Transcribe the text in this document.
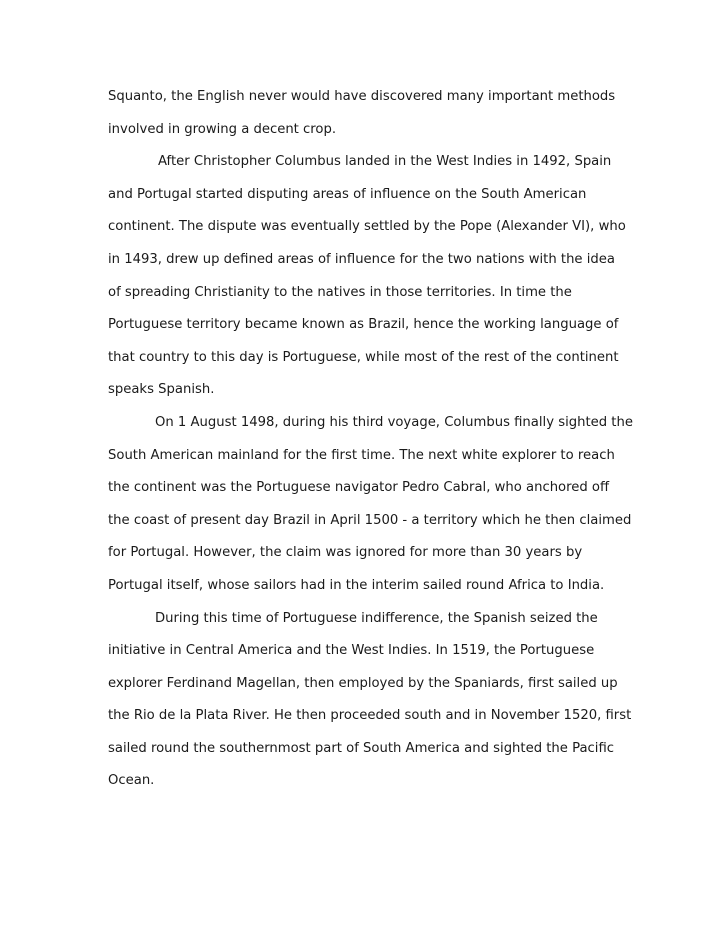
Squanto, the English never would have discovered many important methods
involved in growing a decent crop.
After Christopher Columbus landed in the West Indies in 1492, Spain
and Portugal started disputing areas of influence on the South American
continent. The dispute was eventually settled by the Pope (Alexander VI), who
in 1493, drew up defined areas of influence for the two nations with the idea
of spreading Christianity to the natives in those territories. In time the
Portuguese territory became known as Brazil, hence the working language of
that country to this day is Portuguese, while most of the rest of the continent
speaks Spanish.
On 1 August 1498, during his third voyage, Columbus finally sighted the
South American mainland for the first time. The next white explorer to reach
the continent was the Portuguese navigator Pedro Cabral, who anchored off
the coast of present day Brazil in April 1500 - a territory which he then claimed
for Portugal. However, the claim was ignored for more than 30 years by
Portugal itself, whose sailors had in the interim sailed round Africa to India.
During this time of Portuguese indifference, the Spanish seized the
initiative in Central America and the West Indies. In 1519, the Portuguese
explorer Ferdinand Magellan, then employed by the Spaniards, first sailed up
the Rio de la Plata River. He then proceeded south and in November 1520, first
sailed round the southernmost part of South America and sighted the Pacific
Ocean.
